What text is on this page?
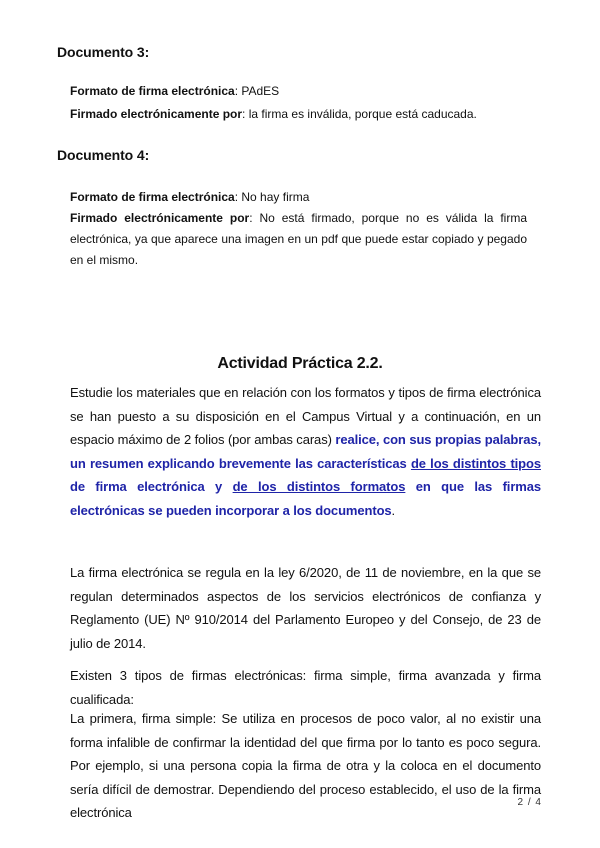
Documento 3:
Formato de firma electrónica: PAdES
Firmado electrónicamente por: la firma es inválida, porque está caducada.
Documento 4:
Formato de firma electrónica: No hay firma
Firmado electrónicamente por: No está firmado, porque no es válida la firma electrónica, ya que aparece una imagen en un pdf que puede estar copiado y pegado en el mismo.
Actividad Práctica 2.2.
Estudie los materiales que en relación con los formatos y tipos de firma electrónica se han puesto a su disposición en el Campus Virtual y a continuación, en un espacio máximo de 2 folios (por ambas caras) realice, con sus propias palabras, un resumen explicando brevemente las características de los distintos tipos de firma electrónica y de los distintos formatos en que las firmas electrónicas se pueden incorporar a los documentos.
La firma electrónica se regula en la ley 6/2020, de 11 de noviembre, en la que se regulan determinados aspectos de los servicios electrónicos de confianza y Reglamento (UE) Nº 910/2014 del Parlamento Europeo y del Consejo, de 23 de julio de 2014.
Existen 3 tipos de firmas electrónicas: firma simple, firma avanzada y firma cualificada:
La primera, firma simple: Se utiliza en procesos de poco valor, al no existir una forma infalible de confirmar la identidad del que firma por lo tanto es poco segura. Por ejemplo, si una persona copia la firma de otra y la coloca en el documento sería difícil de demostrar. Dependiendo del proceso establecido, el uso de la firma electrónica
2 / 4
